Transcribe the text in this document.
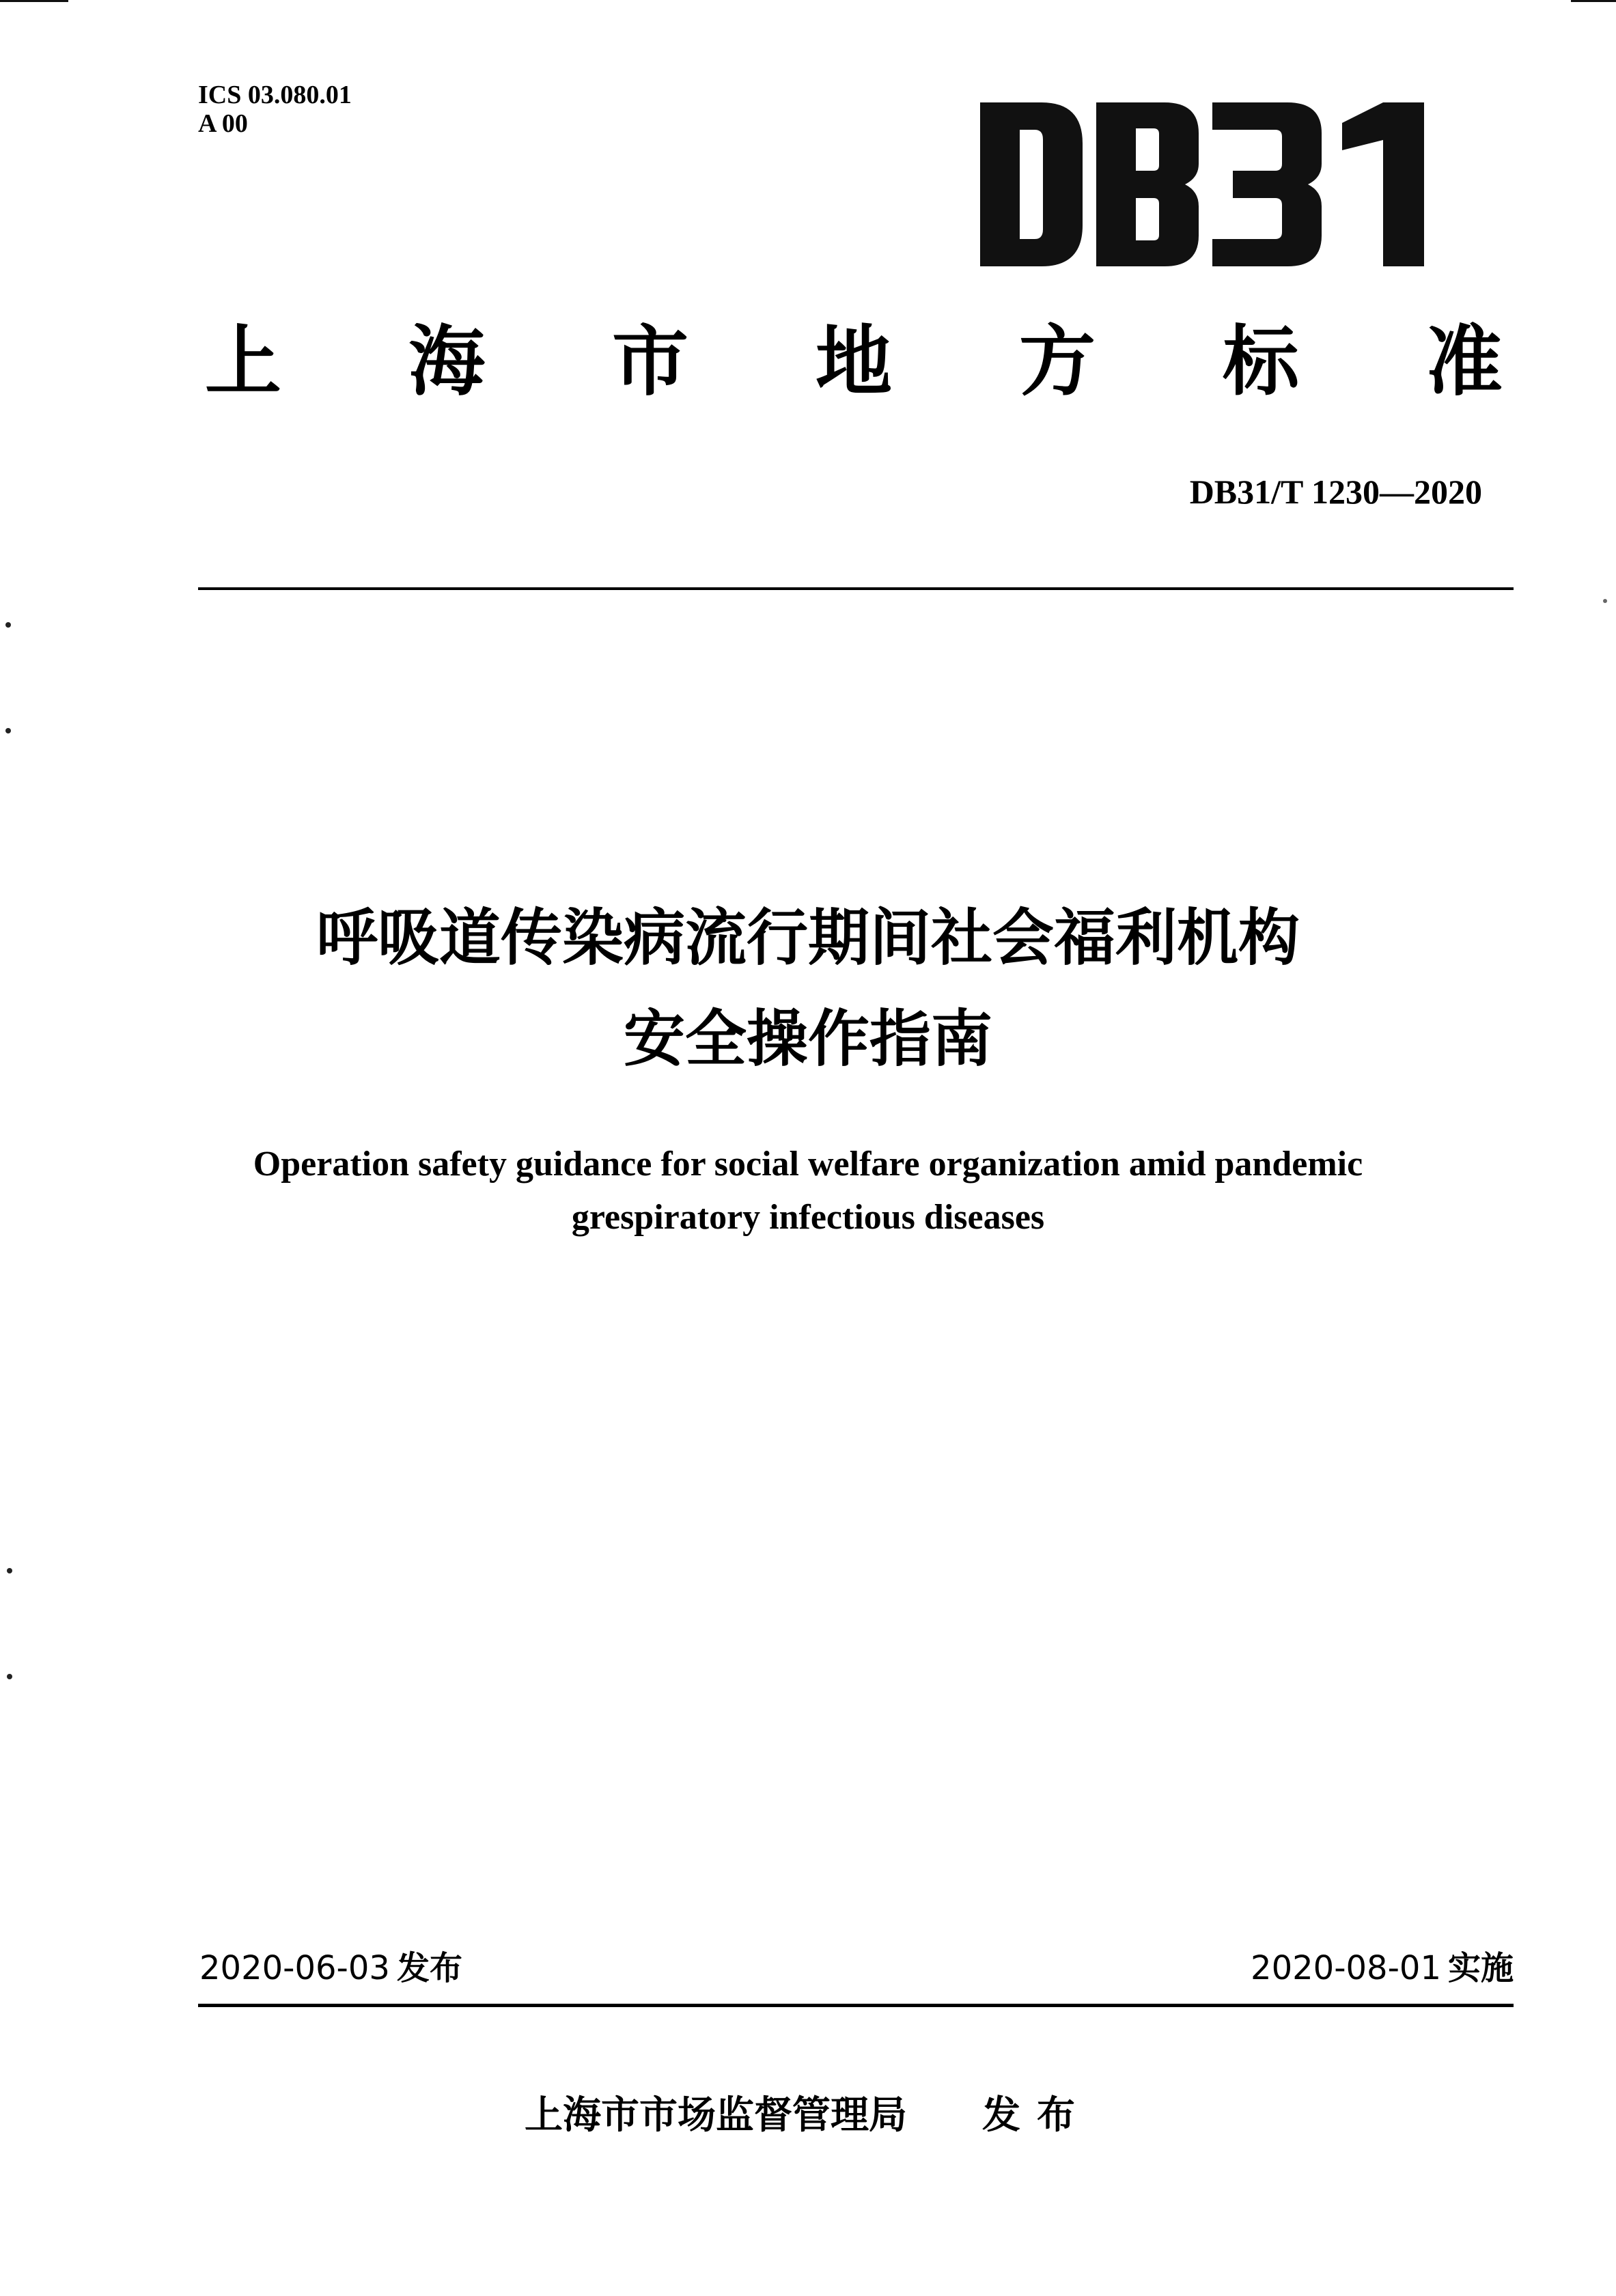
ICS 03.080.01
A 00
上 海 市 地 方 标 准
DB31/T 1230—2020
呼吸道传染病流行期间社会福利机构
安全操作指南
Operation safety guidance for social welfare organization amid pandemic
grespiratory infectious diseases
2020-06-03 发布	2020-08-01 实施
上海市市场监督管理局 发布
